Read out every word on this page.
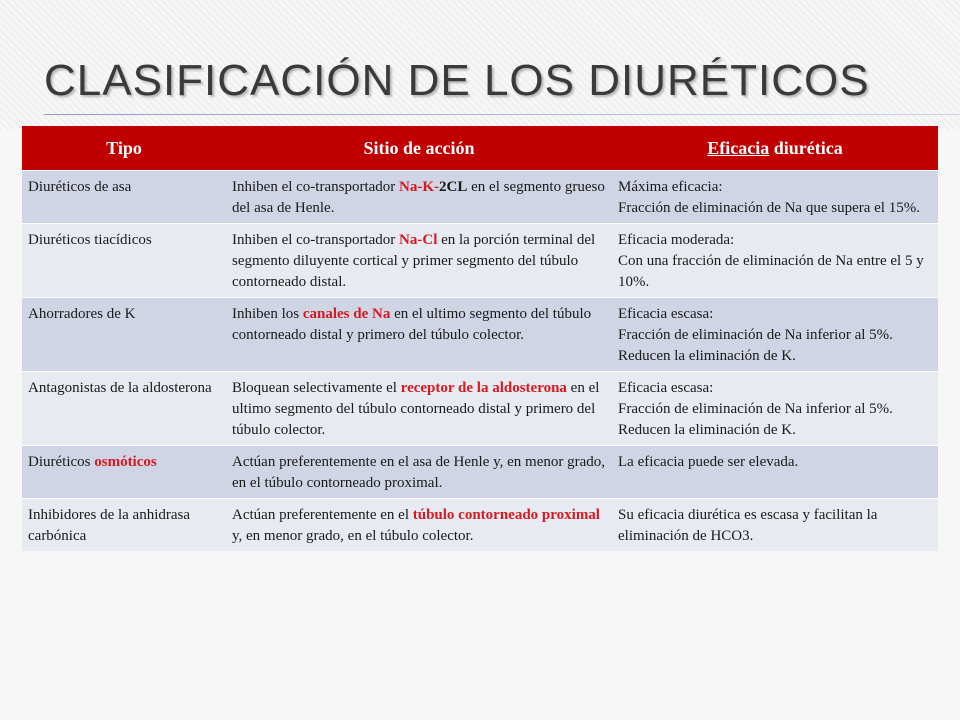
CLASIFICACIÓN DE LOS DIURÉTICOS
Tipo	Sitio de acción	Eficacia diurética
Diuréticos de asa	Inhiben el co-transportador Na-K-2CL en el segmento grueso del asa de Henle.	Máxima eficacia:
Fracción de eliminación de Na que supera el 15%.

Diuréticos tiacídicos	Inhiben el co-transportador Na-Cl en la porción terminal del segmento diluyente cortical y primer segmento del túbulo contorneado distal.	Eficacia moderada:
Con una fracción de eliminación de Na entre el 5 y 10%.

Ahorradores de K	Inhiben los canales de Na en el ultimo segmento del túbulo contorneado distal y primero del túbulo colector.	Eficacia escasa:
Fracción de eliminación de Na inferior al 5%.
Reducen la eliminación de K.

Antagonistas de la aldosterona	Bloquean selectivamente el receptor de la aldosterona en el ultimo segmento del túbulo contorneado distal y primero del túbulo colector.	Eficacia escasa:
Fracción de eliminación de Na inferior al 5%.
Reducen la eliminación de K.

Diuréticos osmóticos	Actúan preferentemente en el asa de Henle y, en menor grado, en el túbulo contorneado proximal.	La eficacia puede ser elevada.

Inhibidores de la anhidrasa carbónica	Actúan preferentemente en el túbulo contorneado proximal y, en menor grado, en el túbulo colector.	Su eficacia diurética es escasa y facilitan la eliminación de HCO3.
